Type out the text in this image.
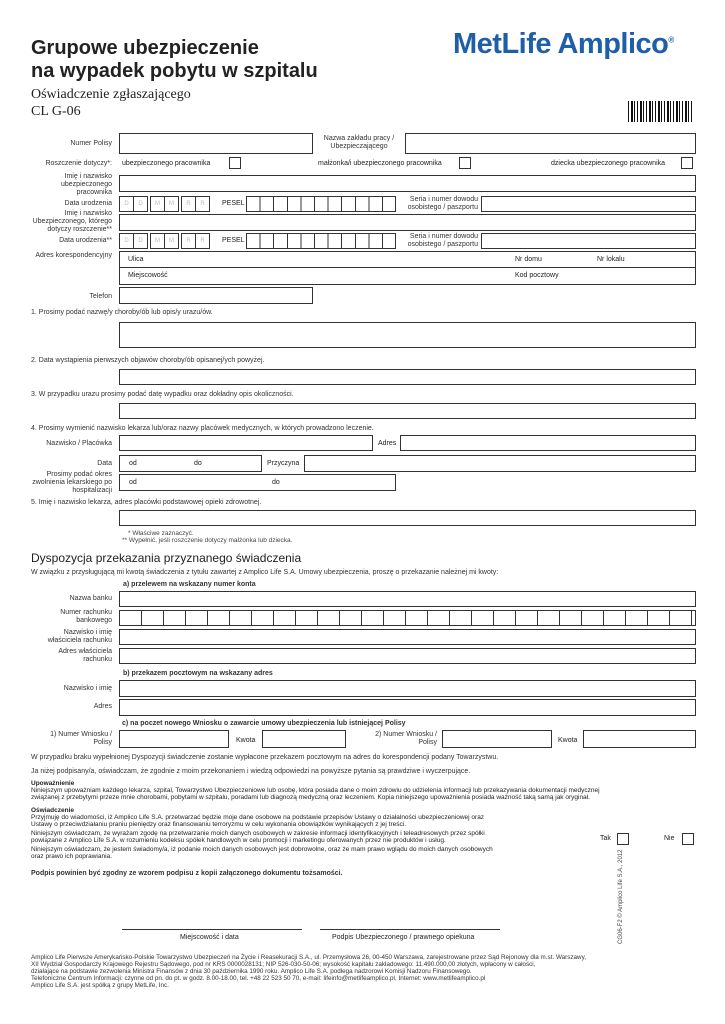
Grupowe ubezpieczenie
na wypadek pobytu w szpitalu
Oświadczenie zgłaszającego
CL G-06
MetLife Amplico®
Numer Polisy
Nazwa zakładu pracy / Ubezpieczającego
Roszczenie dotyczy*: ubezpieczonego pracownika	małżonka/i ubezpieczonego pracownika	dziecka ubezpieczonego pracownika
Imię i nazwisko ubezpieczonego pracownika
Data urodzenia	D	D	M	M	R	R	PESEL
Seria i numer dowodu osobistego / paszportu
Imię i nazwisko Ubezpieczonego, którego dotyczy roszczenie**
Data urodzenia**	D	D	M	M	R	R	PESEL
Seria i numer dowodu osobistego / paszportu
Adres korespondencyjny
Ulica	Nr domu	Nr lokalu
Miejscowość	Kod pocztowy
Telefon
1. Prosimy podać nazwę/y choroby/ób lub opis/y urazu/ów.
2. Data wystąpienia pierwszych objawów choroby/ób opisanej/ych powyżej.
3. W przypadku urazu prosimy podać datę wypadku oraz dokładny opis okoliczności.
4. Prosimy wymienić nazwisko lekarza lub/oraz nazwy placówek medycznych, w których prowadzono leczenie.
Nazwisko / Placówka	Adres
Data od	do	Przyczyna
Prosimy podać okres zwolnienia lekarskiego po hospitalizacji
od	do
5. Imię i nazwisko lekarza, adres placówki podstawowej opieki zdrowotnej.
* Właściwe zaznaczyć.
** Wypełnić, jeśli roszczenie dotyczy małżonka lub dziecka.
Dyspozycja przekazania przyznanego świadczenia
W związku z przysługującą mi kwotą świadczenia z tytułu zawartej z Amplico Life S.A. Umowy ubezpieczenia, proszę o przekazanie należnej mi kwoty:
a) przelewem na wskazany numer konta
Nazwa banku
Numer rachunku bankowego
Nazwisko i imię właściciela rachunku
Adres właściciela rachunku
b) przekazem pocztowym na wskazany adres
Nazwisko i imię
Adres
c) na poczet nowego Wniosku o zawarcie umowy ubezpieczenia lub istniejącej Polisy
1) Numer Wniosku / Polisy	Kwota
2) Numer Wniosku / Polisy	Kwota
W przypadku braku wypełnionej Dyspozycji świadczenie zostanie wypłacone przekazem pocztowym na adres do korespondencji podany Towarzystwu.
Ja niżej podpisany/a, oświadczam, że zgodnie z moim przekonaniem i wiedzą odpowiedzi na powyższe pytania są prawdziwe i wyczerpujące.
Upoważnienie
Niniejszym upoważniam każdego lekarza, szpital, Towarzystwo Ubezpieczeniowe lub osobę, która posiada dane o moim zdrowiu do udzielenia informacji lub przekazywania dokumentacji medycznej
związanej z przebytymi przeze mnie chorobami, pobytami w szpitalu, poradami lub diagnozą medyczną oraz leczeniem. Kopia niniejszego upoważnienia posiada ważność taką samą jak oryginał.
Oświadczenie
Przyjmuję do wiadomości, iż Amplico Life S.A. przetwarzać będzie moje dane osobowe na podstawie przepisów Ustawy o działalności ubezpieczeniowej oraz
Ustawy o przeciwdziałaniu praniu pieniędzy oraz finansowaniu terroryzmu w celu wykonania obowiązków wynikających z jej treści.
Niniejszym oświadczam, że wyrażam zgodę na przetwarzanie moich danych osobowych w zakresie informacji identyfikacyjnych i teleadresowych przez spółki
powiązane z Amplico Life S.A. w rozumieniu kodeksu spółek handlowych w celu promocji i marketingu oferowanych przez nie produktów i usług.
Niniejszym oświadczam, że jestem świadomy/a, iż podanie moich danych osobowych jest dobrowolne, oraz że mam prawo wglądu do moich danych osobowych
oraz prawo ich poprawiania.
Tak	Nie
Podpis powinien być zgodny ze wzorem podpisu z kopii załączonego dokumentu tożsamości.
Miejscowość i data	Podpis Ubezpieczonego / prawnego opiekuna
Amplico Life Pierwsze Amerykańsko-Polskie Towarzystwo Ubezpieczeń na Życie i Reasekuracji S.A., ul. Przemysłowa 26, 00-450 Warszawa, zarejestrowane przez Sąd Rejonowy dla m.st. Warszawy,
XII Wydział Gospodarczy Krajowego Rejestru Sądowego, pod nr KRS 0000028131; NIP 526-030-50-06; wysokość kapitału zakładowego: 11.490.000,00 złotych, wpłacony w całości,
działające na podstawie zezwolenia Ministra Finansów z dnia 30 października 1990 roku. Amplico Life S.A. podlega nadzorowi Komisji Nadzoru Finansowego.
Telefoniczne Centrum Informacji: czynne od pn. do pt. w godz. 8.00-18.00, tel. +48 22 523 50 70, e-mail: lifeinfo@metlifeamplico.pl, Internet: www.metlifeamplico.pl
Amplico Life S.A. jest spółką z grupy MetLife, Inc.
CG06-F2 © Amplico Life S.A., 2012
